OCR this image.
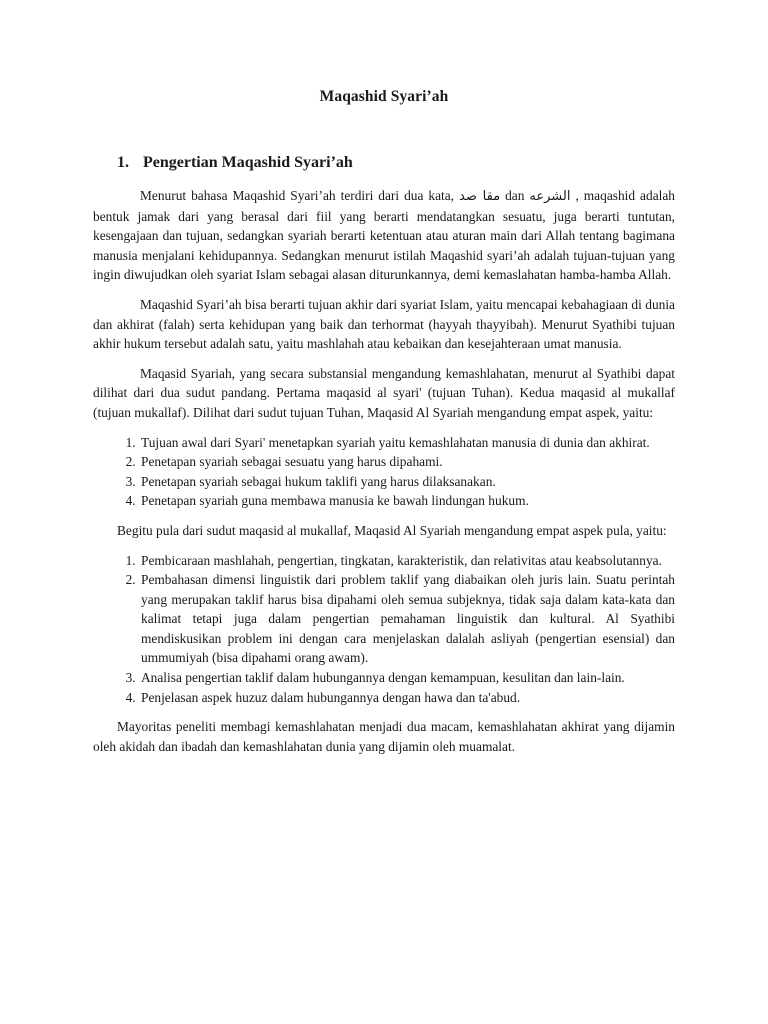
Maqashid Syari’ah
1. Pengertian Maqashid Syari’ah

Menurut bahasa Maqashid Syari’ah terdiri dari dua kata, مقا صد dan الشرعه , maqashid adalah bentuk jamak dari yang berasal dari fiil yang berarti mendatangkan sesuatu, juga berarti tuntutan, kesengajaan dan tujuan, sedangkan syariah berarti ketentuan atau aturan main dari Allah tentang bagimana manusia menjalani kehidupannya. Sedangkan menurut istilah Maqashid syari’ah adalah tujuan-tujuan yang ingin diwujudkan oleh syariat Islam sebagai alasan diturunkannya, demi kemaslahatan hamba-hamba Allah.

Maqashid Syari’ah bisa berarti tujuan akhir dari syariat Islam, yaitu mencapai kebahagiaan di dunia dan akhirat (falah) serta kehidupan yang baik dan terhormat (hayyah thayyibah). Menurut Syathibi tujuan akhir hukum tersebut adalah satu, yaitu mashlahah atau kebaikan dan kesejahteraan umat manusia.

Maqasid Syariah, yang secara substansial mengandung kemashlahatan, menurut al Syathibi dapat dilihat dari dua sudut pandang. Pertama maqasid al syari' (tujuan Tuhan). Kedua maqasid al mukallaf (tujuan mukallaf). Dilihat dari sudut tujuan Tuhan, Maqasid Al Syariah mengandung empat aspek, yaitu:

1. Tujuan awal dari Syari' menetapkan syariah yaitu kemashlahatan manusia di dunia dan akhirat.
2. Penetapan syariah sebagai sesuatu yang harus dipahami.
3. Penetapan syariah sebagai hukum taklifi yang harus dilaksanakan.
4. Penetapan syariah guna membawa manusia ke bawah lindungan hukum.

Begitu pula dari sudut maqasid al mukallaf, Maqasid Al Syariah mengandung empat aspek pula, yaitu:

1. Pembicaraan mashlahah, pengertian, tingkatan, karakteristik, dan relativitas atau keabsolutannya.
2. Pembahasan dimensi linguistik dari problem taklif yang diabaikan oleh juris lain. Suatu perintah yang merupakan taklif harus bisa dipahami oleh semua subjeknya, tidak saja dalam kata-kata dan kalimat tetapi juga dalam pengertian pemahaman linguistik dan kultural. Al Syathibi mendiskusikan problem ini dengan cara menjelaskan dalalah asliyah (pengertian esensial) dan ummumiyah (bisa dipahami orang awam).
3. Analisa pengertian taklif dalam hubungannya dengan kemampuan, kesulitan dan lain-lain.
4. Penjelasan aspek huzuz dalam hubungannya dengan hawa dan ta'abud.

Mayoritas peneliti membagi kemashlahatan menjadi dua macam, kemashlahatan akhirat yang dijamin oleh akidah dan ibadah dan kemashlahatan dunia yang dijamin oleh muamalat.
